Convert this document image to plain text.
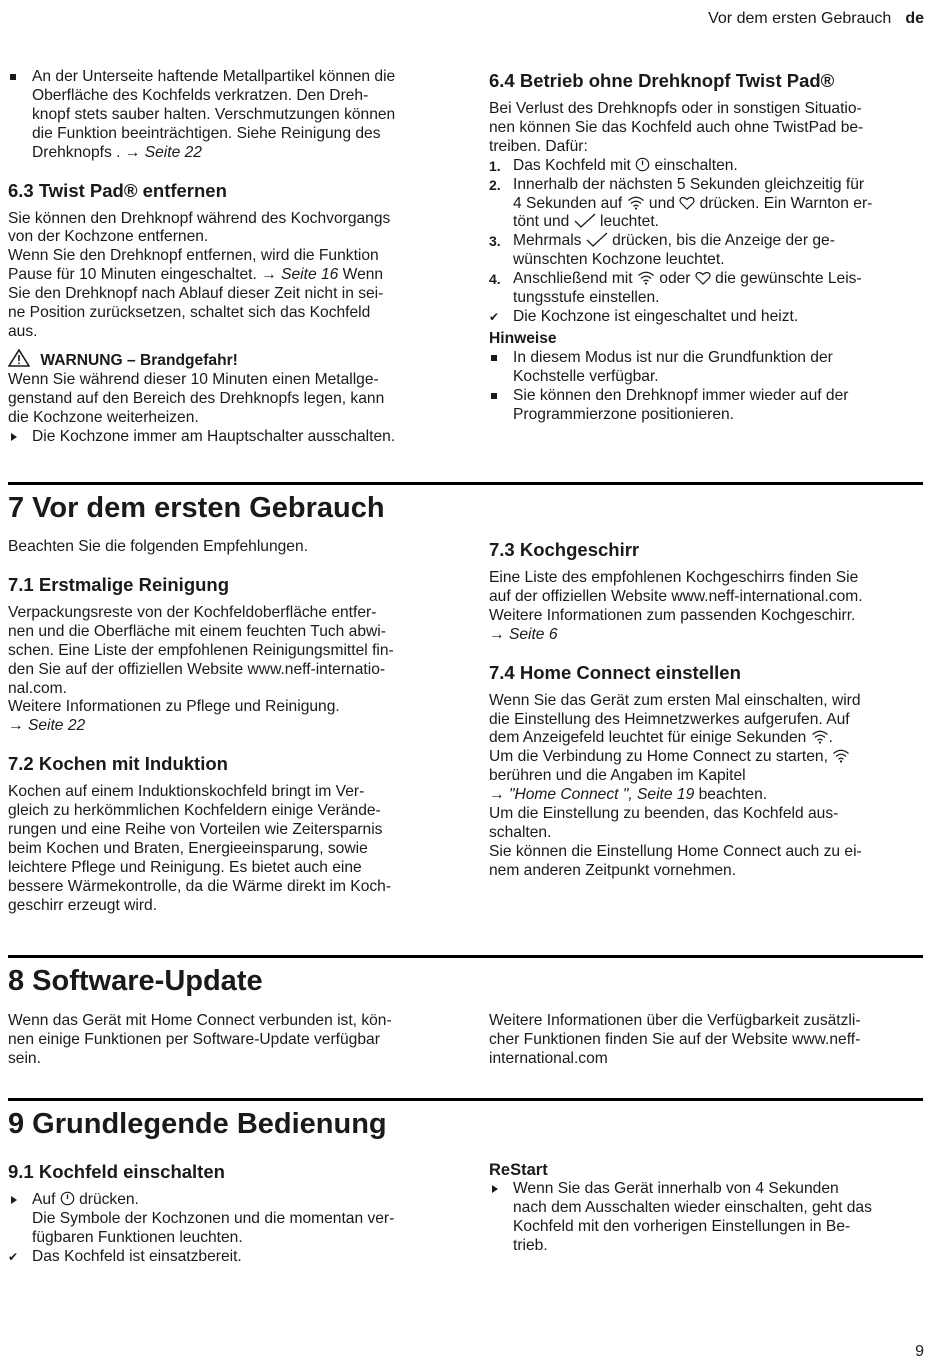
Vor dem ersten Gebrauch de

An der Unterseite haftende Metallpartikel können die

Oberfläche des Kochfelds verkratzen. Den Dreh-

knopf stets sauber halten. Verschmutzungen können

die Funktion beeinträchtigen. Siehe Reinigung des

Drehknopfs . → Seite 22

6.3 Twist Pad® entfernen

Sie können den Drehknopf während des Kochvorgangs

von der Kochzone entfernen.

Wenn Sie den Drehknopf entfernen, wird die Funktion

Pause für 10 Minuten eingeschaltet. → Seite 16 Wenn

Sie den Drehknopf nach Ablauf dieser Zeit nicht in sei-

ne Position zurücksetzen, schaltet sich das Kochfeld

aus.

WARNUNG – Brandgefahr!

Wenn Sie während dieser 10 Minuten einen Metallge-

genstand auf den Bereich des Drehknopfs legen, kann

die Kochzone weiterheizen.

Die Kochzone immer am Hauptschalter ausschalten.

6.4 Betrieb ohne Drehknopf Twist Pad®

Bei Verlust des Drehknopfs oder in sonstigen Situatio-

nen können Sie das Kochfeld auch ohne TwistPad be-

treiben. Dafür:

1. Das Kochfeld mit  einschalten.

2. Innerhalb der nächsten 5 Sekunden gleichzeitig für

4 Sekunden auf  und  drücken. Ein Warnton er-

tönt und  leuchtet.

3. Mehrmals  drücken, bis die Anzeige der ge-

wünschten Kochzone leuchtet.

4. Anschließend mit  oder  die gewünschte Leis-

tungsstufe einstellen.

✔ Die Kochzone ist eingeschaltet und heizt.

Hinweise

In diesem Modus ist nur die Grundfunktion der

Kochstelle verfügbar.

Sie können den Drehknopf immer wieder auf der

Programmierzone positionieren.

7 Vor dem ersten Gebrauch

Beachten Sie die folgenden Empfehlungen.

7.1 Erstmalige Reinigung

Verpackungsreste von der Kochfeldoberfläche entfer-

nen und die Oberfläche mit einem feuchten Tuch abwi-

schen. Eine Liste der empfohlenen Reinigungsmittel fin-

den Sie auf der offiziellen Website www.neff-internatio-

nal.com.

Weitere Informationen zu Pflege und Reinigung.

→ Seite 22

7.2 Kochen mit Induktion

Kochen auf einem Induktionskochfeld bringt im Ver-

gleich zu herkömmlichen Kochfeldern einige Verände-

rungen und eine Reihe von Vorteilen wie Zeitersparnis

beim Kochen und Braten, Energieeinsparung, sowie

leichtere Pflege und Reinigung. Es bietet auch eine

bessere Wärmekontrolle, da die Wärme direkt im Koch-

geschirr erzeugt wird.

7.3 Kochgeschirr

Eine Liste des empfohlenen Kochgeschirrs finden Sie

auf der offiziellen Website www.neff-international.com.

Weitere Informationen zum passenden Kochgeschirr.

→ Seite 6

7.4 Home Connect einstellen

Wenn Sie das Gerät zum ersten Mal einschalten, wird

die Einstellung des Heimnetzwerkes aufgerufen. Auf

dem Anzeigefeld leuchtet für einige Sekunden .

Um die Verbindung zu Home Connect zu starten,

berühren und die Angaben im Kapitel

→ "Home Connect ", Seite 19 beachten.

Um die Einstellung zu beenden, das Kochfeld aus-

schalten.

Sie können die Einstellung Home Connect auch zu ei-

nem anderen Zeitpunkt vornehmen.

8 Software-Update

Wenn das Gerät mit Home Connect verbunden ist, kön-

nen einige Funktionen per Software-Update verfügbar

sein.

Weitere Informationen über die Verfügbarkeit zusätzli-

cher Funktionen finden Sie auf der Website www.neff-

international.com

9 Grundlegende Bedienung
9.1 Kochfeld einschalten

Auf  drücken.

Die Symbole der Kochzonen und die momentan ver-

fügbaren Funktionen leuchten.

✔ Das Kochfeld ist einsatzbereit.

ReStart

Wenn Sie das Gerät innerhalb von 4 Sekunden

nach dem Ausschalten wieder einschalten, geht das

Kochfeld mit den vorherigen Einstellungen in Be-

trieb.

9
